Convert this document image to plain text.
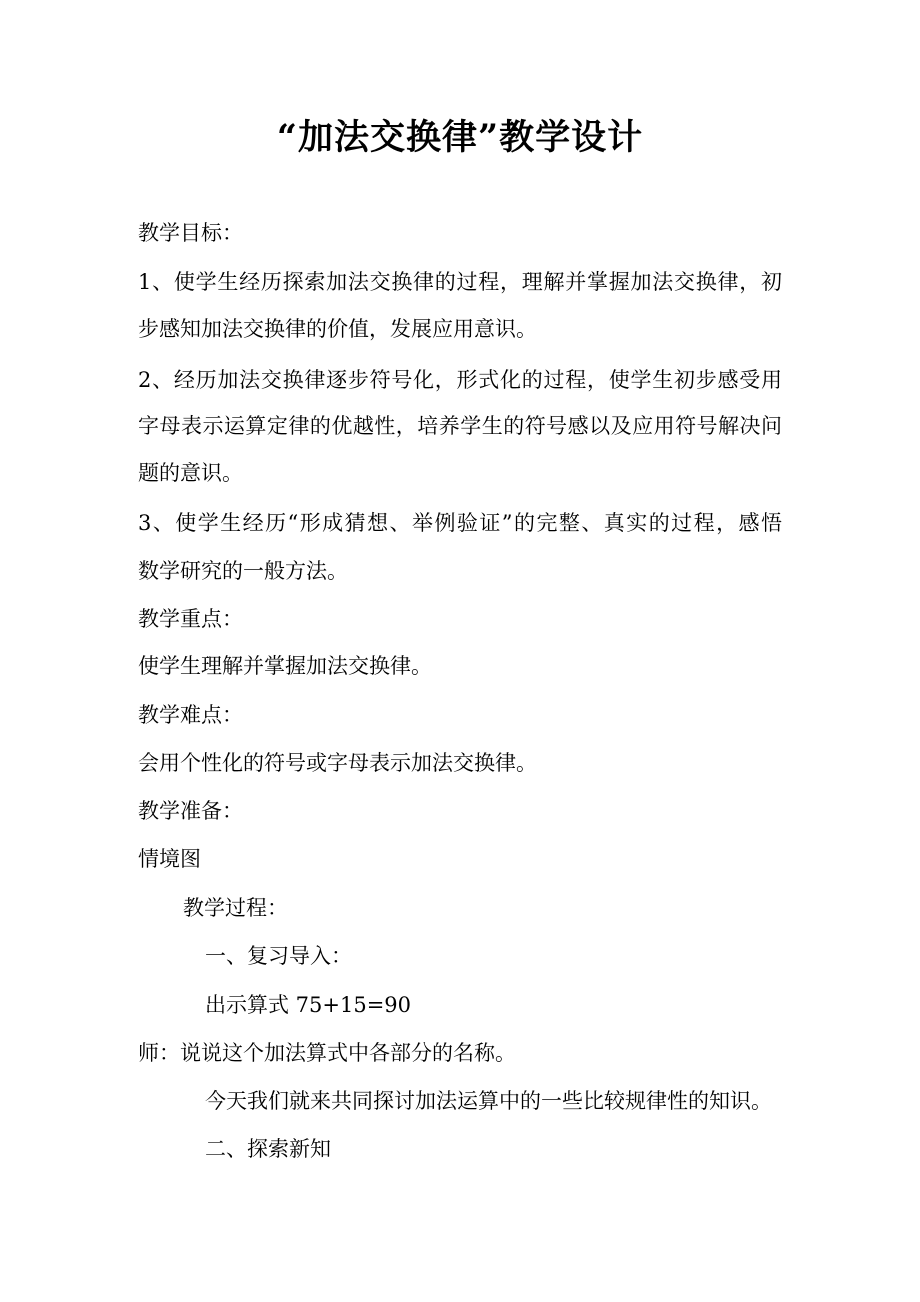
“加法交换律”教学设计
教学目标：
1、使学生经历探索加法交换律的过程，理解并掌握加法交换律，初
步感知加法交换律的价值，发展应用意识。
2、经历加法交换律逐步符号化，形式化的过程，使学生初步感受用
字母表示运算定律的优越性，培养学生的符号感以及应用符号解决问
题的意识。
3、使学生经历“形成猜想、举例验证”的完整、真实的过程，感悟
数学研究的一般方法。
教学重点：
使学生理解并掌握加法交换律。
教学难点：
会用个性化的符号或字母表示加法交换律。
教学准备：
情境图
教学过程：
一、复习导入：
出示算式 75+15=90
师：说说这个加法算式中各部分的名称。
今天我们就来共同探讨加法运算中的一些比较规律性的知识。
二、探索新知
